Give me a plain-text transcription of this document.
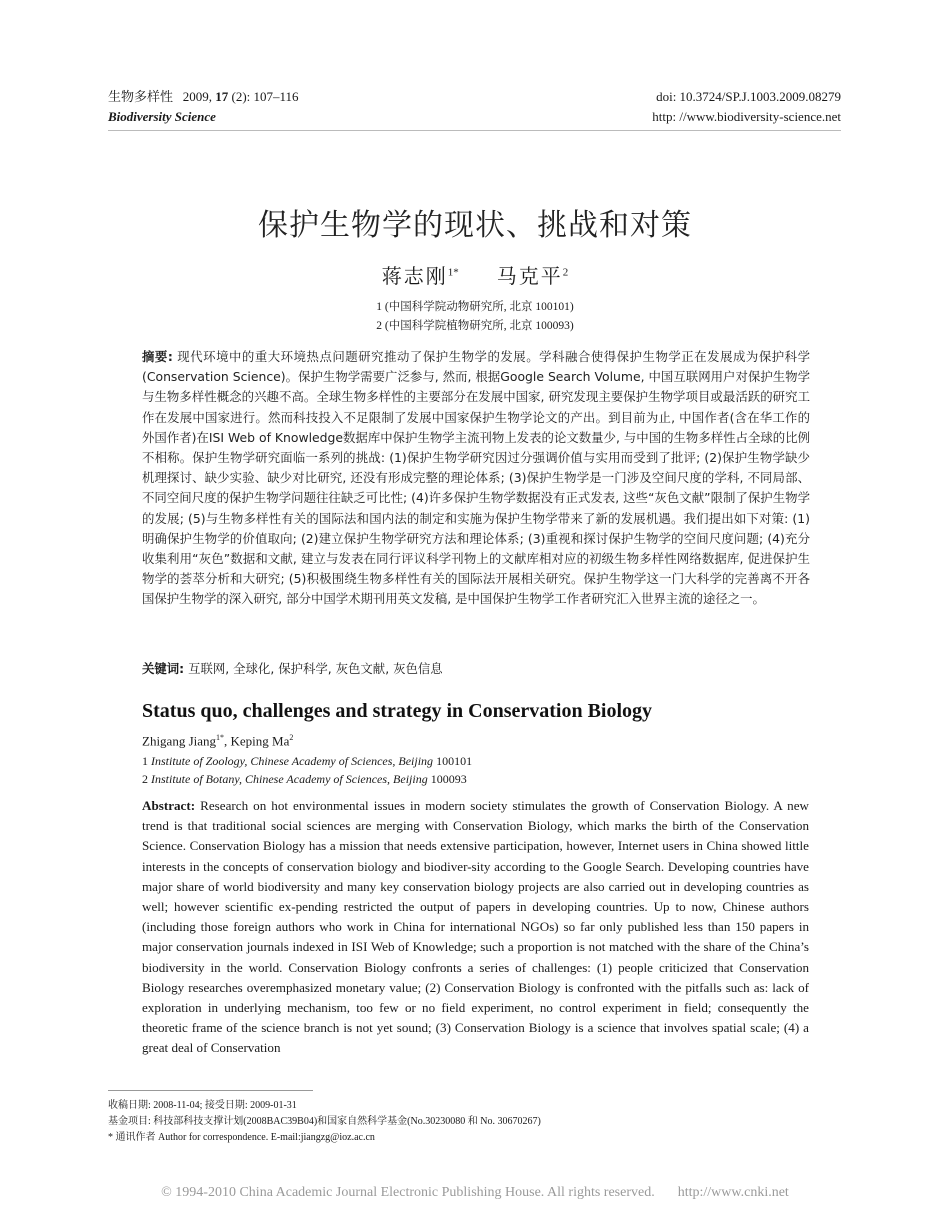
生物多样性 2009, 17 (2): 107–116
Biodiversity Science
doi: 10.3724/SP.J.1003.2009.08279
http: //www.biodiversity-science.net
保护生物学的现状、挑战和对策
蒋志刚$^{1*}$ 马克平$^2$
1 (中国科学院动物研究所, 北京 100101)
2 (中国科学院植物研究所, 北京 100093)
摘要: 现代环境中的重大环境热点问题研究推动了保护生物学的发展。学科融合使得保护生物学正在发展成为保护科学(Conservation Science)。保护生物学需要广泛参与, 然而, 根据Google Search Volume, 中国互联网用户对保护生物学与生物多样性概念的兴趣不高。全球生物多样性的主要部分在发展中国家, 研究发现主要保护生物学项目或最活跃的研究工作在发展中国家进行。然而科技投入不足限制了发展中国家保护生物学论文的产出。到目前为止, 中国作者(含在华工作的外国作者)在ISI Web of Knowledge数据库中保护生物学主流刊物上发表的论文数量少, 与中国的生物多样性占全球的比例不相称。保护生物学研究面临一系列的挑战: (1)保护生物学研究因过分强调价值与实用而受到了批评; (2)保护生物学缺少机理探讨、缺少实验、缺少对比研究, 还没有形成完整的理论体系; (3)保护生物学是一门涉及空间尺度的学科, 不同局部、不同空间尺度的保护生物学问题往往缺乏可比性; (4)许多保护生物学数据没有正式发表, 这些“灰色文献”限制了保护生物学的发展; (5)与生物多样性有关的国际法和国内法的制定和实施为保护生物学带来了新的发展机遇。我们提出如下对策: (1)明确保护生物学的价值取向; (2)建立保护生物学研究方法和理论体系; (3)重视和探讨保护生物学的空间尺度问题; (4)充分收集利用“灰色”数据和文献, 建立与发表在同行评议科学刊物上的文献库相对应的初级生物多样性网络数据库, 促进保护生物学的荟萃分析和大研究; (5)积极围绕生物多样性有关的国际法开展相关研究。保护生物学这一门大科学的完善离不开各国保护生物学的深入研究, 部分中国学术期刊用英文发稿, 是中国保护生物学工作者研究汇入世界主流的途径之一。
关键词: 互联网, 全球化, 保护科学, 灰色文献, 灰色信息
Status quo, challenges and strategy in Conservation Biology
Zhigang Jiang$^{1*}$, Keping Ma$^2$
1 Institute of Zoology, Chinese Academy of Sciences, Beijing 100101
2 Institute of Botany, Chinese Academy of Sciences, Beijing 100093
Abstract: Research on hot environmental issues in modern society stimulates the growth of Conservation Biology. A new trend is that traditional social sciences are merging with Conservation Biology, which marks the birth of the Conservation Science. Conservation Biology has a mission that needs extensive participation, however, Internet users in China showed little interests in the concepts of conservation biology and biodiver-sity according to the Google Search. Developing countries have major share of world biodiversity and many key conservation biology projects are also carried out in developing countries as well; however scientific ex-pending restricted the output of papers in developing countries. Up to now, Chinese authors (including those foreign authors who work in China for international NGOs) so far only published less than 150 papers in major conservation journals indexed in ISI Web of Knowledge; such a proportion is not matched with the share of the China’s biodiversity in the world. Conservation Biology confronts a series of challenges: (1) people criticized that Conservation Biology researches overemphasized monetary value; (2) Conservation Biology is confronted with the pitfalls such as: lack of exploration in underlying mechanism, too few or no field experiment, no control experiment in field; consequently the theoretic frame of the science branch is not yet sound; (3) Conservation Biology is a science that involves spatial scale; (4) a great deal of Conservation
收稿日期: 2008-11-04; 接受日期: 2009-01-31
基金项目: 科技部科技支撑计划(2008BAC39B04)和国家自然科学基金(No.30230080 和 No. 30670267)
* 通讯作者 Author for correspondence. E-mail:jiangzg@ioz.ac.cn
© 1994-2010 China Academic Journal Electronic Publishing House. All rights reserved. http://www.cnki.net
